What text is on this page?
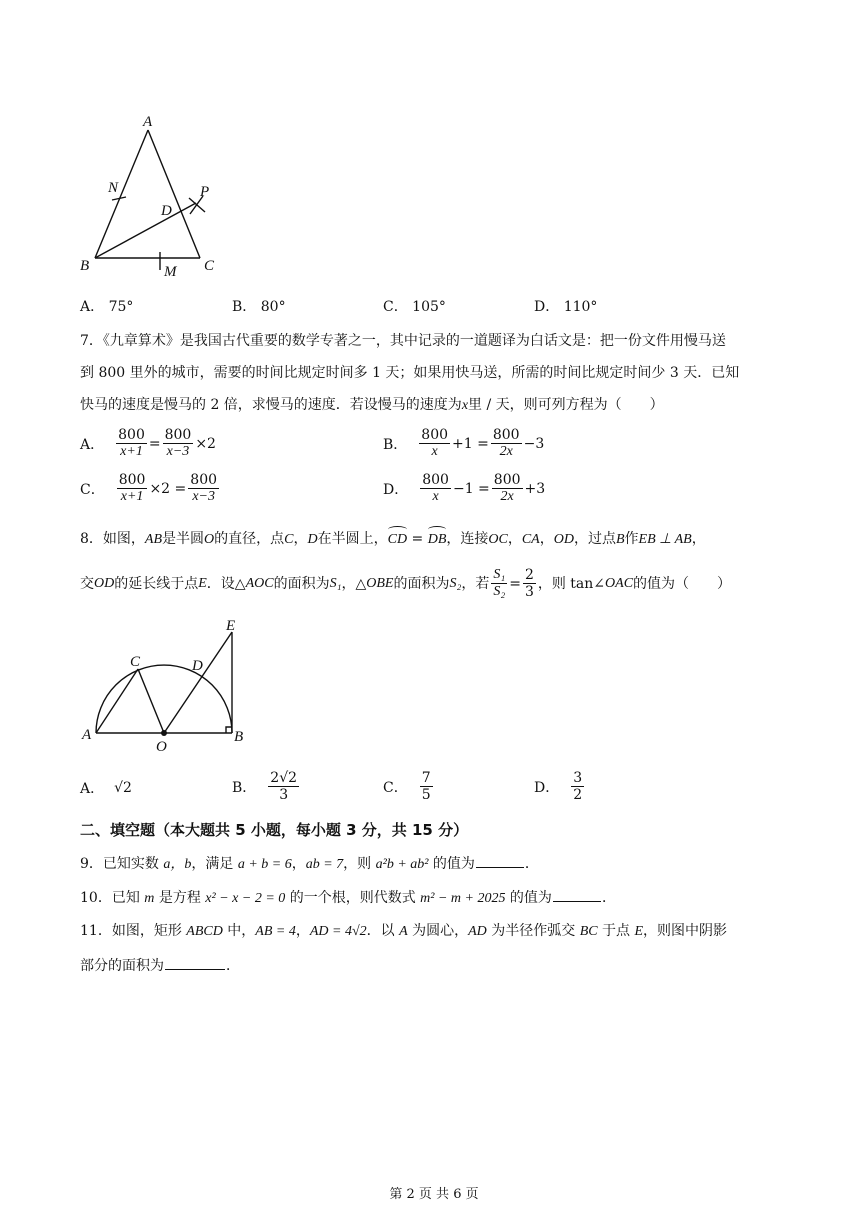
A
N	P
D
B	M C
A． 75°	B． 80°	C． 105°	D． 110°
7．《九章算术》是我国古代重要的数学专著之一，其中记录的一道题译为白话文是：把一份文件用慢马送
到 800 里外的城市，需要的时间比规定时间多 1 天；如果用快马送，所需的时间比规定时间少 3 天．已知
快马的速度是慢马的 2 倍，求慢马的速度．若设慢马的速度为x里 / 天，则可列方程为（　　）
A． $\frac{800}{x+1} = \frac{800}{x-3} \times 2$	B． $\frac{800}{x} +1 = \frac{800}{2x} -3$
C． $\frac{800}{x+1} \times 2 = \frac{800}{x-3}$	D． $\frac{800}{x} -1 = \frac{800}{2x} +3$
8．如图，AB是半圆O的直径，点C，D在半圆上，CD = DB，连接OC，CA，OD，过点B作EB ⊥ AB，
交 OD 的延长线于点 E ．设△ AOC 的面积为 S₁ ，△ OBE 的面积为 S₂ ，若 $\frac{\text{S₁}}{\text{S₂}} = \frac{2}{3}$ ，则 tan∠ OAC 的值为（　　）
A
C	D
E
O
B
A． √2	B． $\frac{2√2}{3}$	C． $\frac{7}{5}$	D． $\frac{3}{2}$
二、填空题（本大题共 5 小题，每小题 3 分，共 15 分）
9．已知实数 a，b，满足 a + b = 6，ab = 7，则 a²b + ab² 的值为	．
10．已知 m 是方程 x² − x − 2 = 0 的一个根，则代数式 m² − m + 2025 的值为	．
11．如图，矩形 ABCD 中，AB = 4，AD = 4√2．以 A 为圆心，AD 为半径作弧交 BC 于点 E，则图中阴影
部分的面积为	．
第 2 页 共 6 页
